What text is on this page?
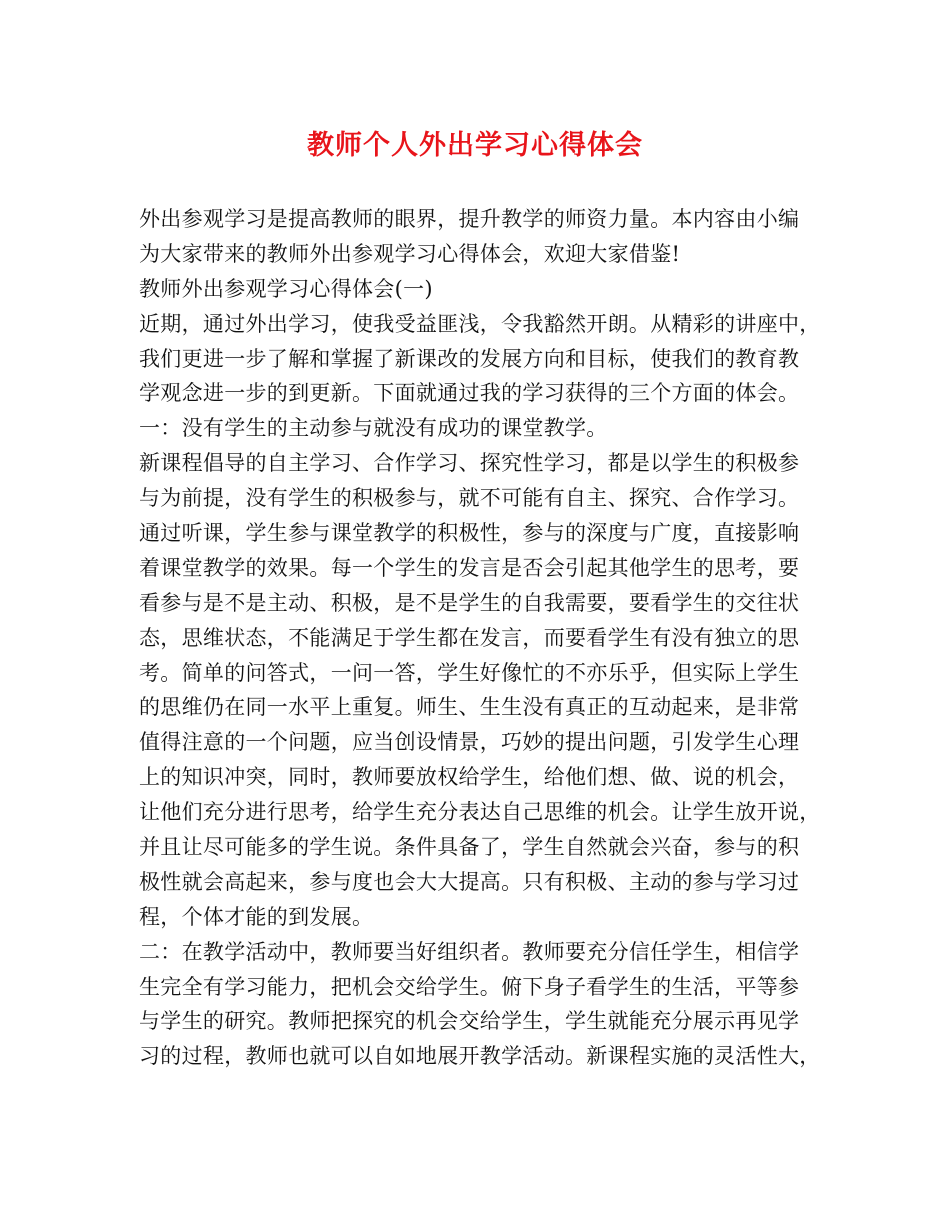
教师个人外出学习心得体会
外出参观学习是提高教师的眼界，提升教学的师资力量。本内容由小编
为大家带来的教师外出参观学习心得体会，欢迎大家借鉴!
教师外出参观学习心得体会(一)
近期，通过外出学习，使我受益匪浅，令我豁然开朗。从精彩的讲座中，
我们更进一步了解和掌握了新课改的发展方向和目标，使我们的教育教
学观念进一步的到更新。下面就通过我的学习获得的三个方面的体会。
一：没有学生的主动参与就没有成功的课堂教学。
新课程倡导的自主学习、合作学习、探究性学习，都是以学生的积极参
与为前提，没有学生的积极参与，就不可能有自主、探究、合作学习。
通过听课，学生参与课堂教学的积极性，参与的深度与广度，直接影响
着课堂教学的效果。每一个学生的发言是否会引起其他学生的思考，要
看参与是不是主动、积极，是不是学生的自我需要，要看学生的交往状
态，思维状态，不能满足于学生都在发言，而要看学生有没有独立的思
考。简单的问答式，一问一答，学生好像忙的不亦乐乎，但实际上学生
的思维仍在同一水平上重复。师生、生生没有真正的互动起来，是非常
值得注意的一个问题，应当创设情景，巧妙的提出问题，引发学生心理
上的知识冲突，同时，教师要放权给学生，给他们想、做、说的机会，
让他们充分进行思考，给学生充分表达自己思维的机会。让学生放开说，
并且让尽可能多的学生说。条件具备了，学生自然就会兴奋，参与的积
极性就会高起来，参与度也会大大提高。只有积极、主动的参与学习过
程，个体才能的到发展。
二：在教学活动中，教师要当好组织者。教师要充分信任学生，相信学
生完全有学习能力，把机会交给学生。俯下身子看学生的生活，平等参
与学生的研究。教师把探究的机会交给学生，学生就能充分展示再见学
习的过程，教师也就可以自如地展开教学活动。新课程实施的灵活性大，
